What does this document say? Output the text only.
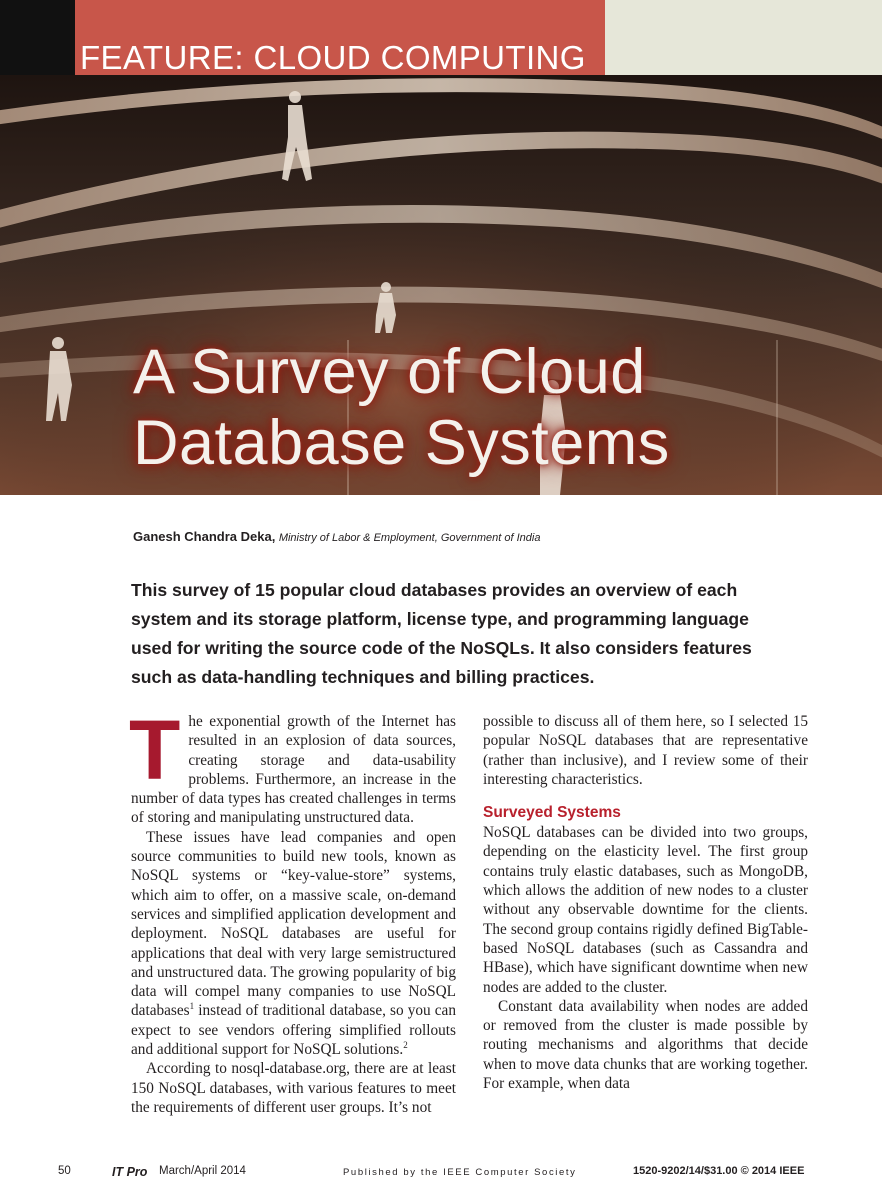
FEATURE: CLOUD COMPUTING
A Survey of Cloud
Database Systems
Ganesh Chandra Deka, Ministry of Labor & Employment, Government of India
This survey of 15 popular cloud databases provides an overview of each system and its storage platform, license type, and programming language used for writing the source code of the NoSQLs. It also considers features such as data-handling techniques and billing practices.

The exponential growth of the Internet has resulted in an explosion of data sources, creating storage and data-usability problems. Furthermore, an increase in the number of data types has created challenges in terms of storing and manipulating unstructured data.

These issues have lead companies and open source communities to build new tools, known as NoSQL systems or “key-value-store” systems, which aim to offer, on a massive scale, on-demand services and simplified application development and deployment. NoSQL databases are useful for applications that deal with very large semistructured and unstructured data. The growing popularity of big data will compel many companies to use NoSQL databases$^1$ instead of traditional database, so you can expect to see vendors offering simplified rollouts and additional support for NoSQL solutions.$^2$

According to nosql-database.org, there are at least 150 NoSQL databases, with various features to meet the requirements of different user groups. It’s not

possible to discuss all of them here, so I selected 15 popular NoSQL databases that are representative (rather than inclusive), and I review some of their interesting characteristics.

Surveyed Systems

NoSQL databases can be divided into two groups, depending on the elasticity level. The first group contains truly elastic databases, such as MongoDB, which allows the addition of new nodes to a cluster without any observable downtime for the clients. The second group contains rigidly defined BigTable-based NoSQL databases (such as Cassandra and HBase), which have significant downtime when new nodes are added to the cluster.

Constant data availability when nodes are added or removed from the cluster is made possible by routing mechanisms and algorithms that decide when to move data chunks that are working together. For example, when data

50	IT Pro March/April 2014	Published by the IEEE Computer Society	1520-9202/14/$31.00 © 2014 IEEE
